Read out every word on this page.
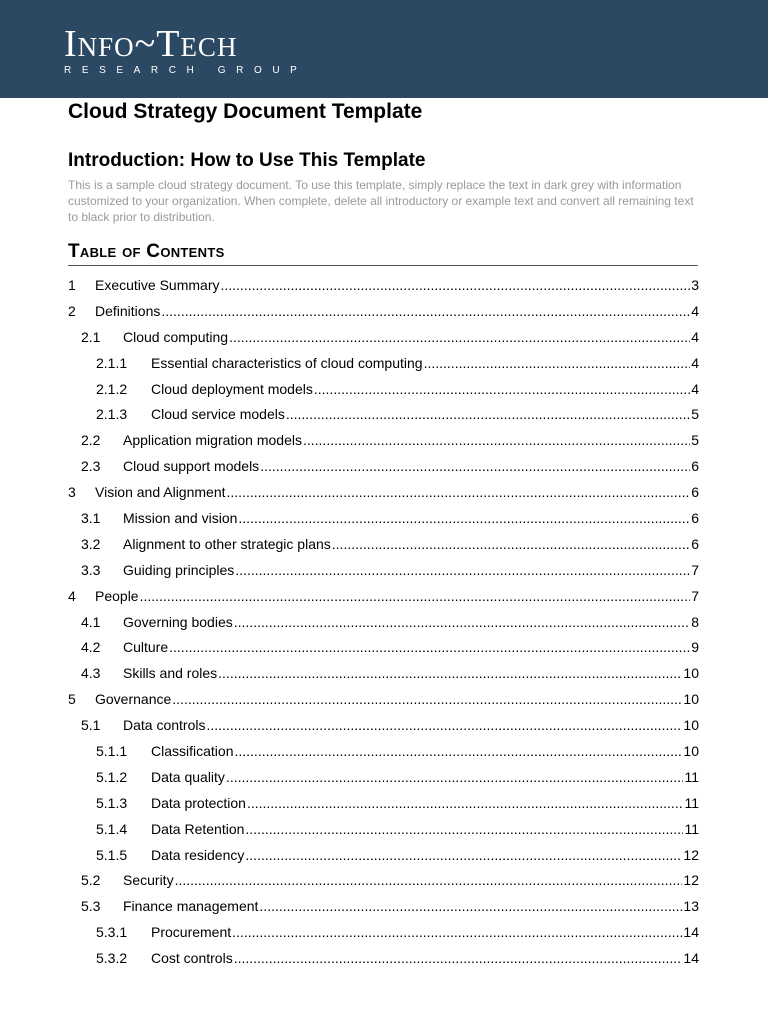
Info~Tech
RESEARCH GROUP
Cloud Strategy Document Template
Introduction: How to Use This Template

This is a sample cloud strategy document. To use this template, simply replace the text in dark grey with information customized to your organization. When complete, delete all introductory or example text and convert all remaining text to black prior to distribution.

Table of Contents
1	Executive Summary .....	3
2	Definitions .....	4
2.1	Cloud computing .....	4
2.1.1	Essential characteristics of cloud computing .....	4
2.1.2	Cloud deployment models .....	4
2.1.3	Cloud service models .....	5
2.2	Application migration models .....	5
2.3	Cloud support models .....	6
3	Vision and Alignment .....	6
3.1	Mission and vision .....	6
3.2	Alignment to other strategic plans .....	6
3.3	Guiding principles .....	7
4	People .....	7
4.1	Governing bodies .....	8
4.2	Culture .....	9
4.3	Skills and roles .....	10
5	Governance .....	10
5.1	Data controls .....	10
5.1.1	Classification .....	10
5.1.2	Data quality .....	11
5.1.3	Data protection .....	11
5.1.4	Data Retention .....	11
5.1.5	Data residency .....	12
5.2	Security .....	12
5.3	Finance management .....	13
5.3.1	Procurement .....	14
5.3.2	Cost controls .....	14
